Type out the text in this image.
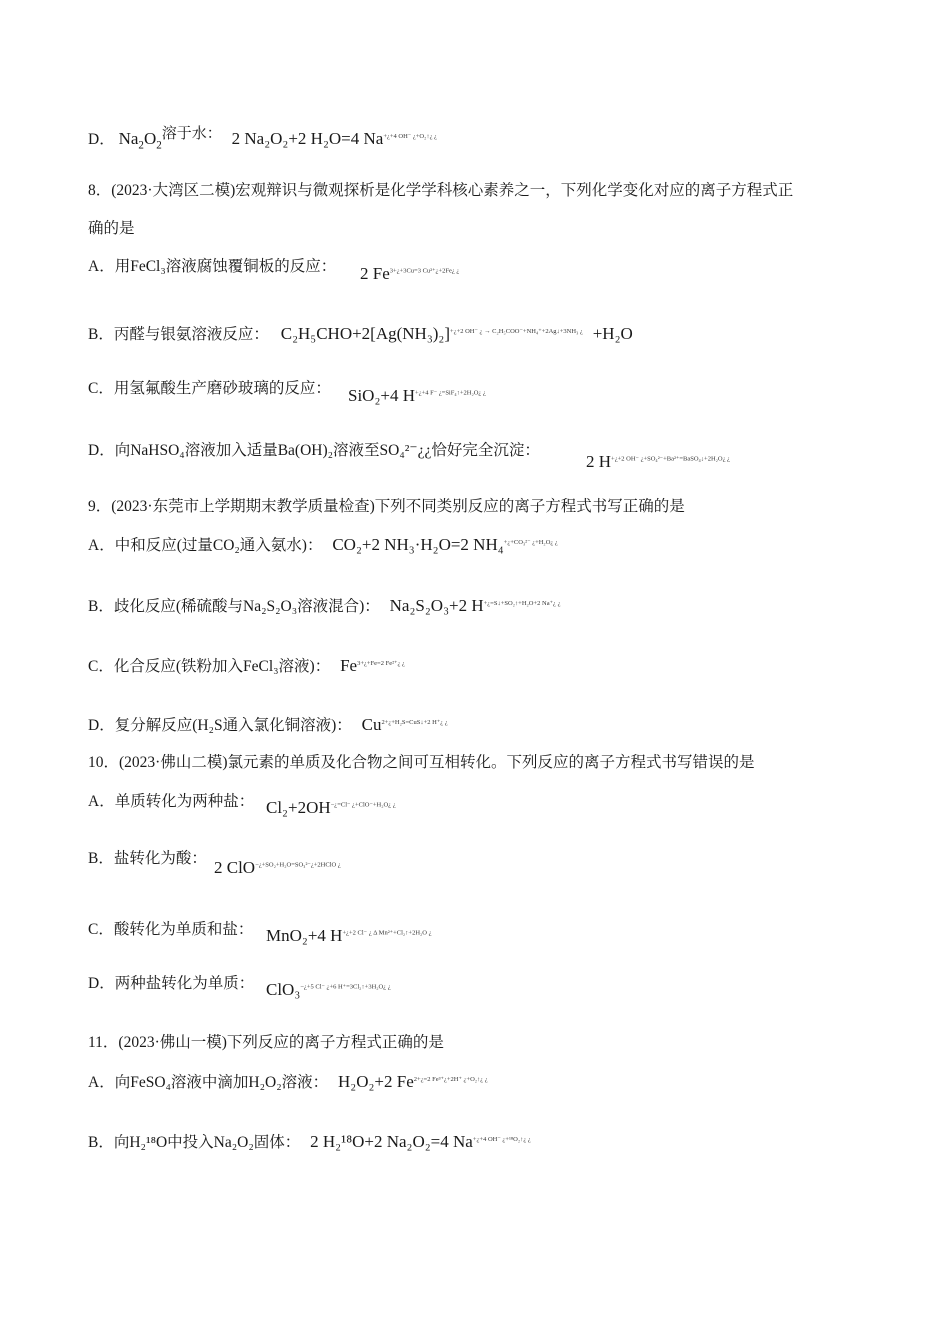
D． $Na_2O_2^{溶于水:}$ 2 Na₂O₂+2 H₂O=4 $Na^{+¿+4 OH^- ¿+O_2↑¿ ¿}$
8．(2023·大湾区二模)宏观辩识与微观探析是化学学科核心素养之一，下列化学变化对应的离子方程式正
确的是
A．用FeCl₃溶液腐蚀覆铜板的反应： 2 $Fe^{3+¿+3Cu=3 Cu^{2+}¿+2Fe¿ ¿}$
B．丙醛与银氨溶液反应： $C_2H_5CHO+2[Ag(NH_3)_2]^{+¿+2 OH^- ¿ \to C_2H_5COO^-+NH_4^++2Ag↓+3NH_3 ¿} +H_2O$
C．用氢氟酸生产磨砂玻璃的反应： SiO₂+4 $H^{+¿+4 F^- ¿=SiF_4↑+2H_2O¿ ¿}$
D．向NaHSO₄溶液加入适量Ba(OH)₂溶液至SO₄²⁻¿¿恰好完全沉淀：
2 $H^{+¿+2 OH^- ¿+SO_4^{2-}+Ba^{2+}=BaSO_4↓+2H_2O¿ ¿}$
9．(2023·东莞市上学期期末教学质量检查)下列不同类别反应的离子方程式书写正确的是
A．中和反应(过量CO₂通入氨水)： CO₂+2 NH₃·H₂O=2 NH₄$^{+¿+CO_3^{2-} ¿+H_2O¿ ¿}$
B．歧化反应(稀硫酸与Na₂S₂O₃溶液混合)： Na₂S₂O₃+2 $H^{+¿=S↓+SO_2↑+H_2O+2 Na^+¿ ¿}$
C．化合反应(铁粉加入FeCl₃溶液)： $Fe^{3+¿+Fe=2 Fe^{2+}¿ ¿}$
D．复分解反应(H₂S通入氯化铜溶液)： $Cu^{2+¿+H_2S=CuS↓+2 H^+¿ ¿}$
10．(2023·佛山二模)氯元素的单质及化合物之间可互相转化。下列反应的离子方程式书写错误的是
A．单质转化为两种盐： $Cl_2+2OH^{-¿=Cl^- ¿+ClO^-+H_2O¿ ¿}$
B．盐转化为酸： 2 ClO$^{-¿+SO_2+H_2O=SO_3^{2-}¿+2HClO ¿}$
C．酸转化为单质和盐： MnO₂+4 $H^{+¿+2 Cl^- ¿ \Delta Mn^{2+}+Cl_2↑+2H_2O ¿}$
D．两种盐转化为单质： ClO₃$^{-¿+5 Cl^- ¿+6 H^+=3Cl_2↑+3H_2O¿ ¿}$
11．(2023·佛山一模)下列反应的离子方程式正确的是
A．向FeSO₄溶液中滴加H₂O₂溶液： H₂O₂+2 $Fe^{2+¿=2 Fe^{3+}¿+2H^+ ¿+O_2↑¿ ¿}$
B．向H₂¹⁸O中投入Na₂O₂固体： 2 H₂¹⁸O+2 Na₂O₂=4 $Na^{+¿+4 OH^- ¿+^{18}O_2↑¿ ¿}$
